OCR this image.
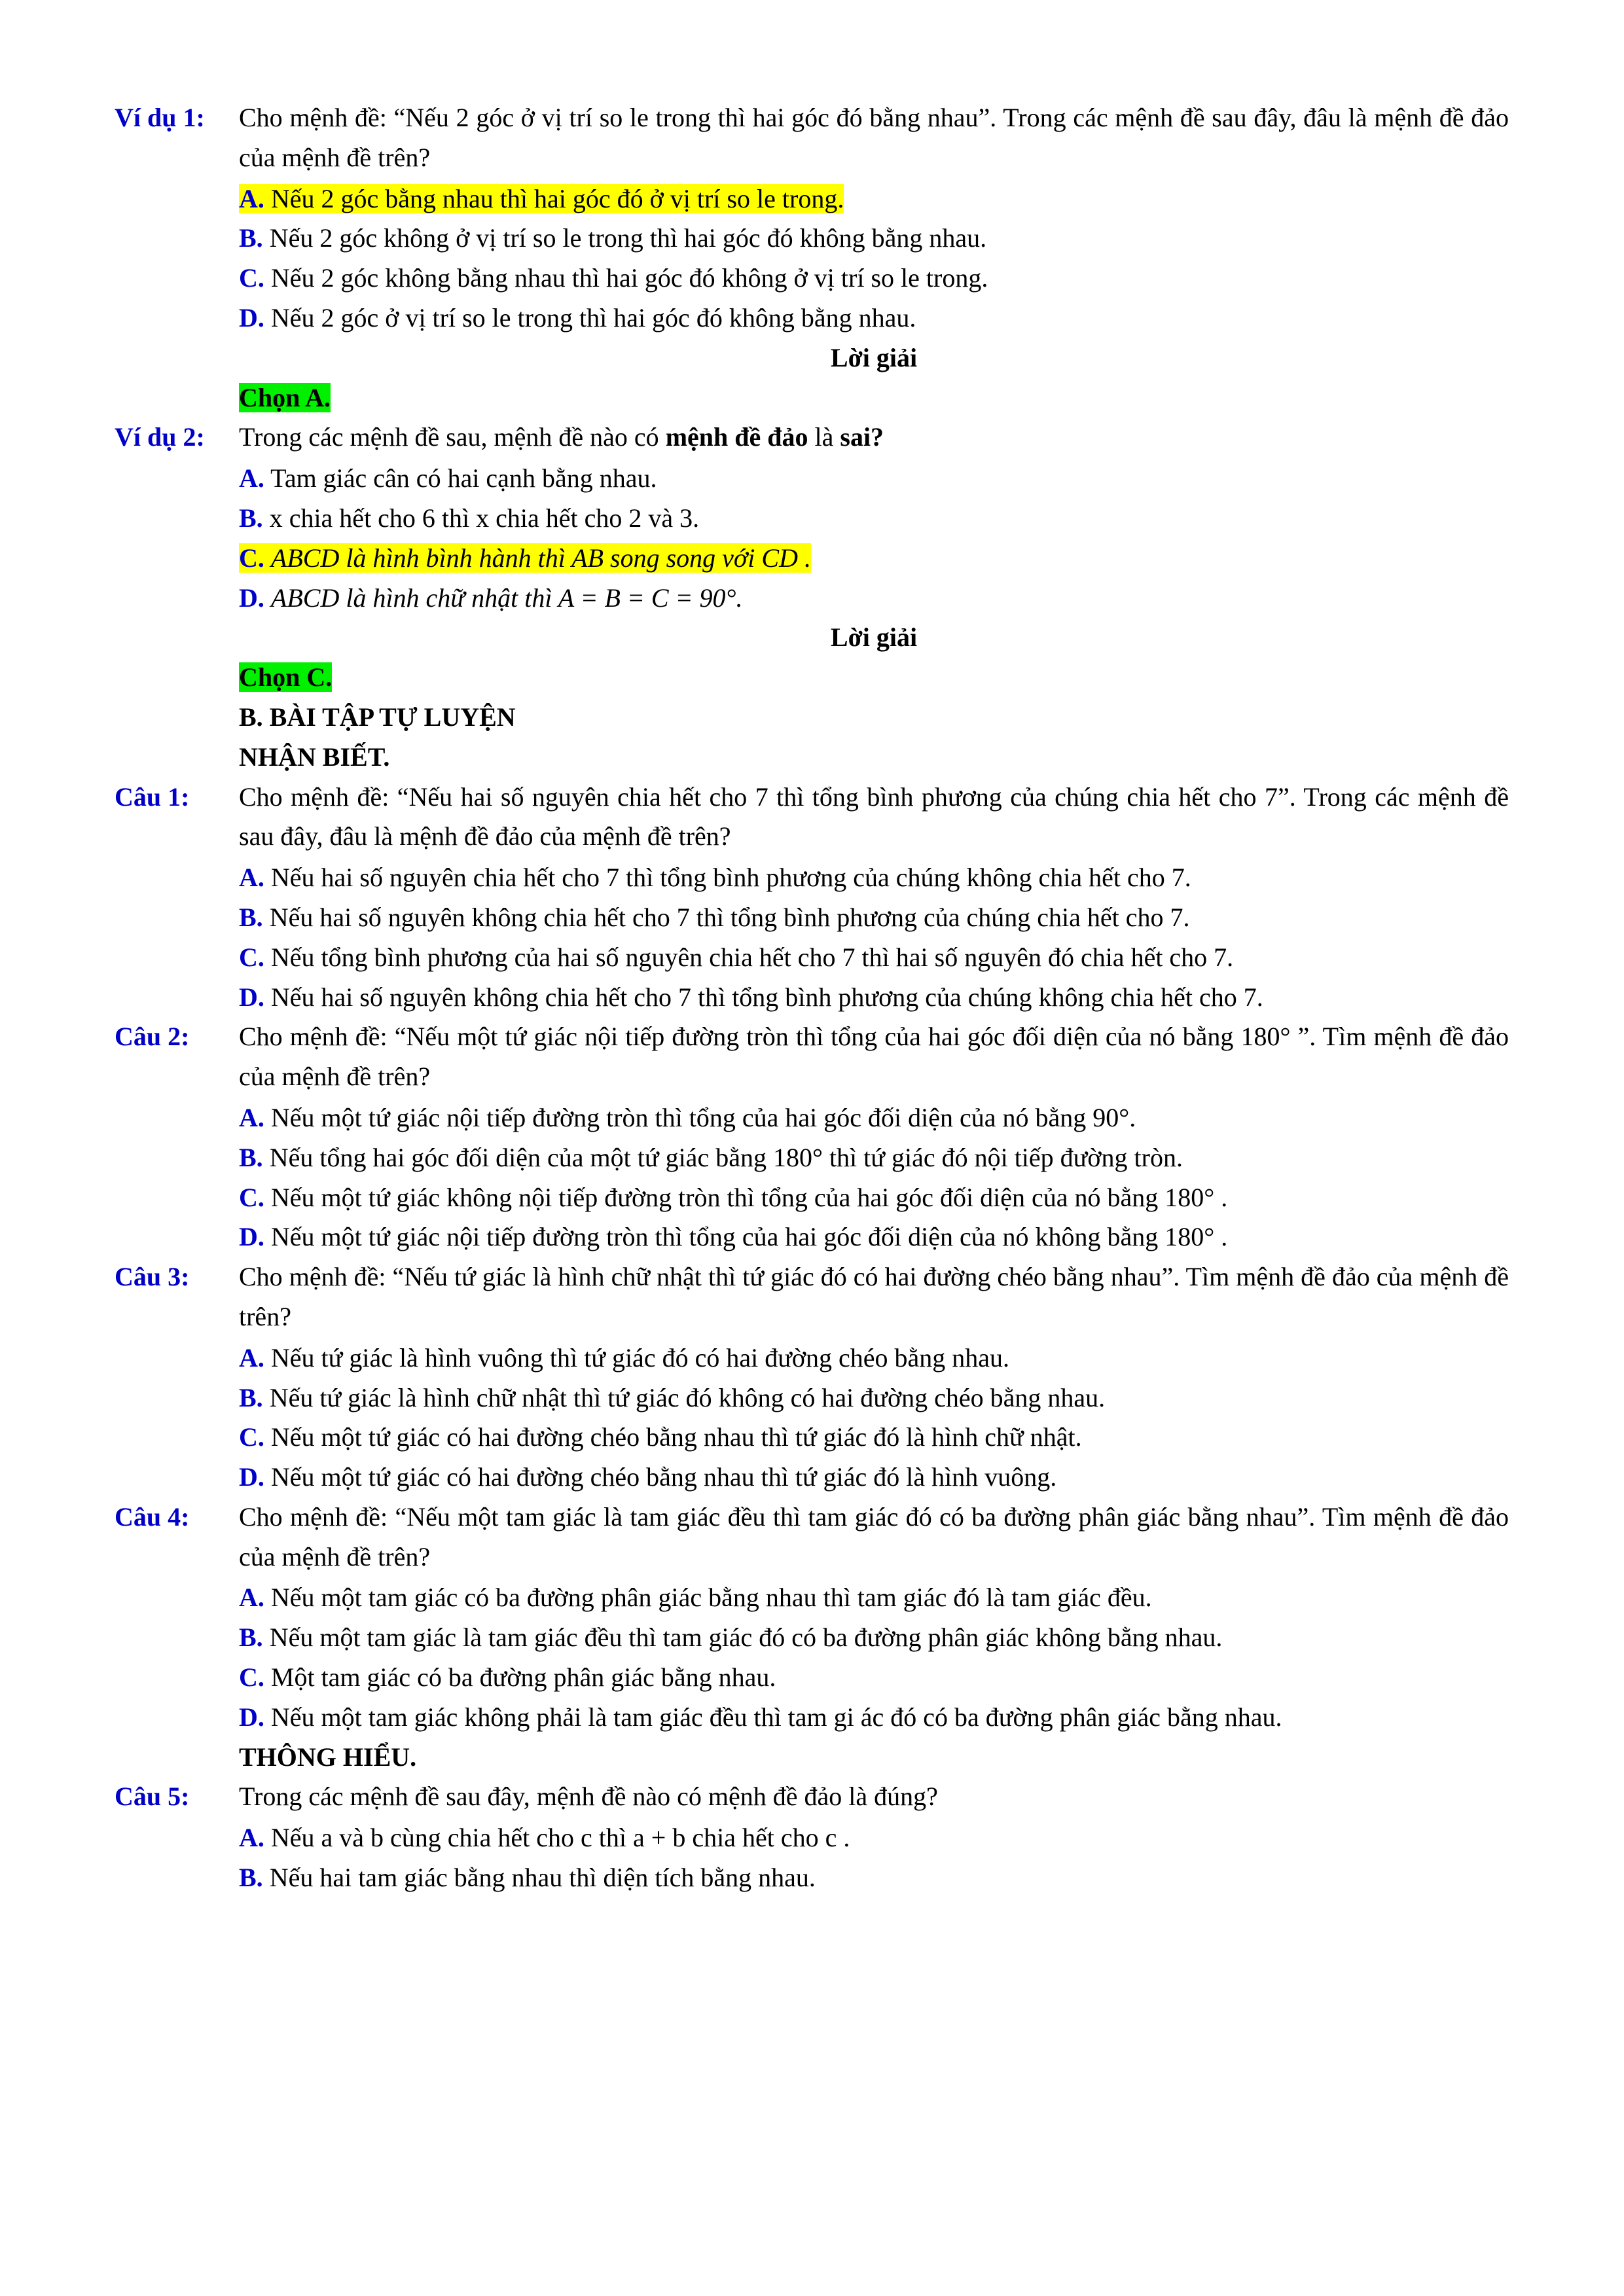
Ví dụ 1:	Cho mệnh đề: “Nếu 2 góc ở vị trí so le trong thì hai góc đó bằng nhau”. Trong các mệnh đề sau đây, đâu là mệnh đề đảo của mệnh đề trên?
A. Nếu 2 góc bằng nhau thì hai góc đó ở vị trí so le trong.
B. Nếu 2 góc không ở vị trí so le trong thì hai góc đó không bằng nhau.
C. Nếu 2 góc không bằng nhau thì hai góc đó không ở vị trí so le trong.
D. Nếu 2 góc ở vị trí so le trong thì hai góc đó không bằng nhau.
Lời giải
Chọn A.
Ví dụ 2:	Trong các mệnh đề sau, mệnh đề nào có mệnh đề đảo là sai?
A. Tam giác cân có hai cạnh bằng nhau.
B. x chia hết cho 6 thì x chia hết cho 2 và 3.
C. ABCD là hình bình hành thì AB song song với CD .
D. ABCD là hình chữ nhật thì A = B = C = 90°.
Lời giải
Chọn C.
B. BÀI TẬP TỰ LUYỆN
NHẬN BIẾT.
Câu 1:	Cho mệnh đề: “Nếu hai số nguyên chia hết cho 7 thì tổng bình phương của chúng chia hết cho 7”. Trong các mệnh đề sau đây, đâu là mệnh đề đảo của mệnh đề trên?
A. Nếu hai số nguyên chia hết cho 7 thì tổng bình phương của chúng không chia hết cho 7.
B. Nếu hai số nguyên không chia hết cho 7 thì tổng bình phương của chúng chia hết cho 7.
C. Nếu tổng bình phương của hai số nguyên chia hết cho 7 thì hai số nguyên đó chia hết cho 7.
D. Nếu hai số nguyên không chia hết cho 7 thì tổng bình phương của chúng không chia hết cho 7.
Câu 2:	Cho mệnh đề: “Nếu một tứ giác nội tiếp đường tròn thì tổng của hai góc đối diện của nó bằng 180° ”. Tìm mệnh đề đảo của mệnh đề trên?
A. Nếu một tứ giác nội tiếp đường tròn thì tổng của hai góc đối diện của nó bằng 90°.
B. Nếu tổng hai góc đối diện của một tứ giác bằng 180° thì tứ giác đó nội tiếp đường tròn.
C. Nếu một tứ giác không nội tiếp đường tròn thì tổng của hai góc đối diện của nó bằng 180° .
D. Nếu một tứ giác nội tiếp đường tròn thì tổng của hai góc đối diện của nó không bằng 180° .
Câu 3:	Cho mệnh đề: “Nếu tứ giác là hình chữ nhật thì tứ giác đó có hai đường chéo bằng nhau”. Tìm mệnh đề đảo của mệnh đề trên?
A. Nếu tứ giác là hình vuông thì tứ giác đó có hai đường chéo bằng nhau.
B. Nếu tứ giác là hình chữ nhật thì tứ giác đó không có hai đường chéo bằng nhau.
C. Nếu một tứ giác có hai đường chéo bằng nhau thì tứ giác đó là hình chữ nhật.
D. Nếu một tứ giác có hai đường chéo bằng nhau thì tứ giác đó là hình vuông.
Câu 4:	Cho mệnh đề: “Nếu một tam giác là tam giác đều thì tam giác đó có ba đường phân giác bằng nhau”. Tìm mệnh đề đảo của mệnh đề trên?
A. Nếu một tam giác có ba đường phân giác bằng nhau thì tam giác đó là tam giác đều.
B. Nếu một tam giác là tam giác đều thì tam giác đó có ba đường phân giác không bằng nhau.
C. Một tam giác có ba đường phân giác bằng nhau.
D. Nếu một tam giác không phải là tam giác đều thì tam gi ác đó có ba đường phân giác bằng nhau.
THÔNG HIỂU.
Câu 5:	Trong các mệnh đề sau đây, mệnh đề nào có mệnh đề đảo là đúng?
A. Nếu a và b cùng chia hết cho c thì a + b chia hết cho c .
B. Nếu hai tam giác bằng nhau thì diện tích bằng nhau.
